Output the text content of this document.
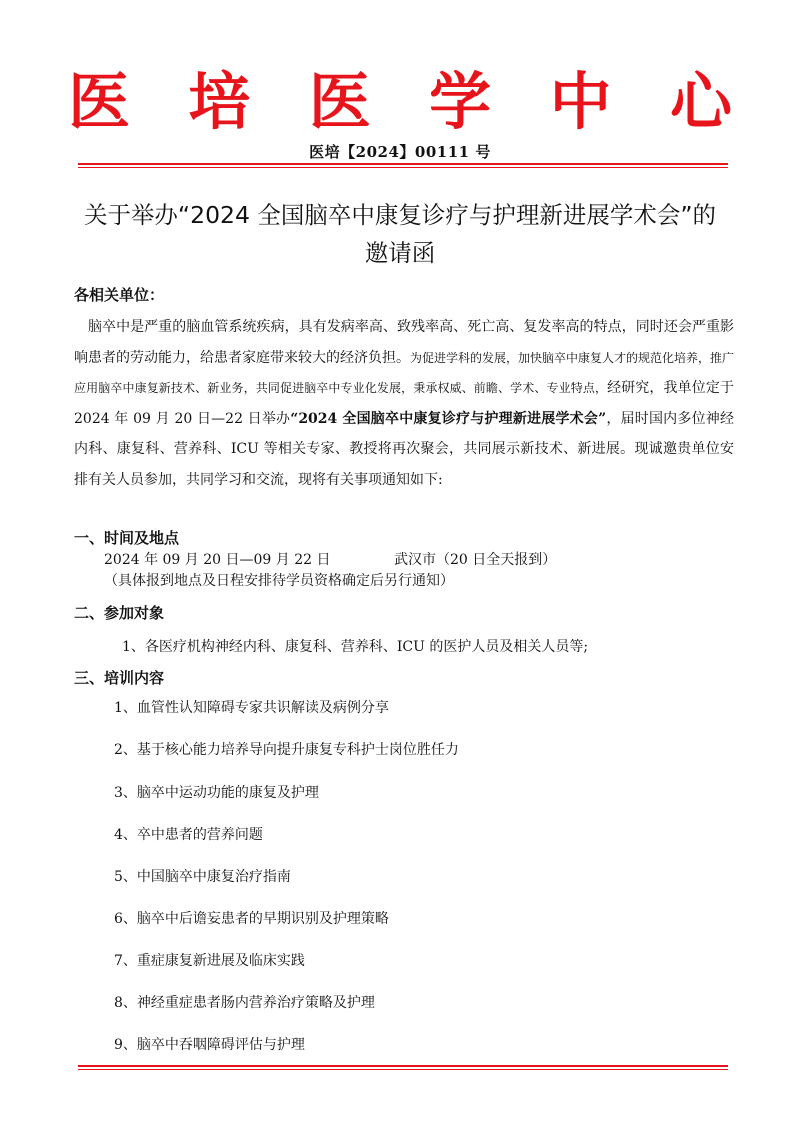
医 培 医 学 中 心
医培【2024】00111 号
关于举办“2024 全国脑卒中康复诊疗与护理新进展学术会”的
邀请函
各相关单位：
脑卒中是严重的脑血管系统疾病，具有发病率高、致残率高、死亡高、复发率高的特点，同时还会严重影响患者的劳动能力，给患者家庭带来较大的经济负担。为促进学科的发展，加快脑卒中康复人才的规范化培养，推广应用脑卒中康复新技术、新业务，共同促进脑卒中专业化发展，秉承权威、前瞻、学术、专业特点，经研究，我单位定于 2024 年 09 月 20 日—22 日举办“2024 全国脑卒中康复诊疗与护理新进展学术会”，届时国内多位神经内科、康复科、营养科、ICU 等相关专家、教授将再次聚会，共同展示新技术、新进展。现诚邀贵单位安排有关人员参加，共同学习和交流，现将有关事项通知如下:
一、时间及地点
2024 年 09 月 20 日—09 月 22 日	武汉市（20 日全天报到）
（具体报到地点及日程安排待学员资格确定后另行通知）
二、参加对象
1、各医疗机构神经内科、康复科、营养科、ICU 的医护人员及相关人员等;
三、培训内容
1、血管性认知障碍专家共识解读及病例分享
2、基于核心能力培养导向提升康复专科护士岗位胜任力
3、脑卒中运动功能的康复及护理
4、卒中患者的营养问题
5、中国脑卒中康复治疗指南
6、脑卒中后谵妄患者的早期识别及护理策略
7、重症康复新进展及临床实践
8、神经重症患者肠内营养治疗策略及护理
9、脑卒中吞咽障碍评估与护理
